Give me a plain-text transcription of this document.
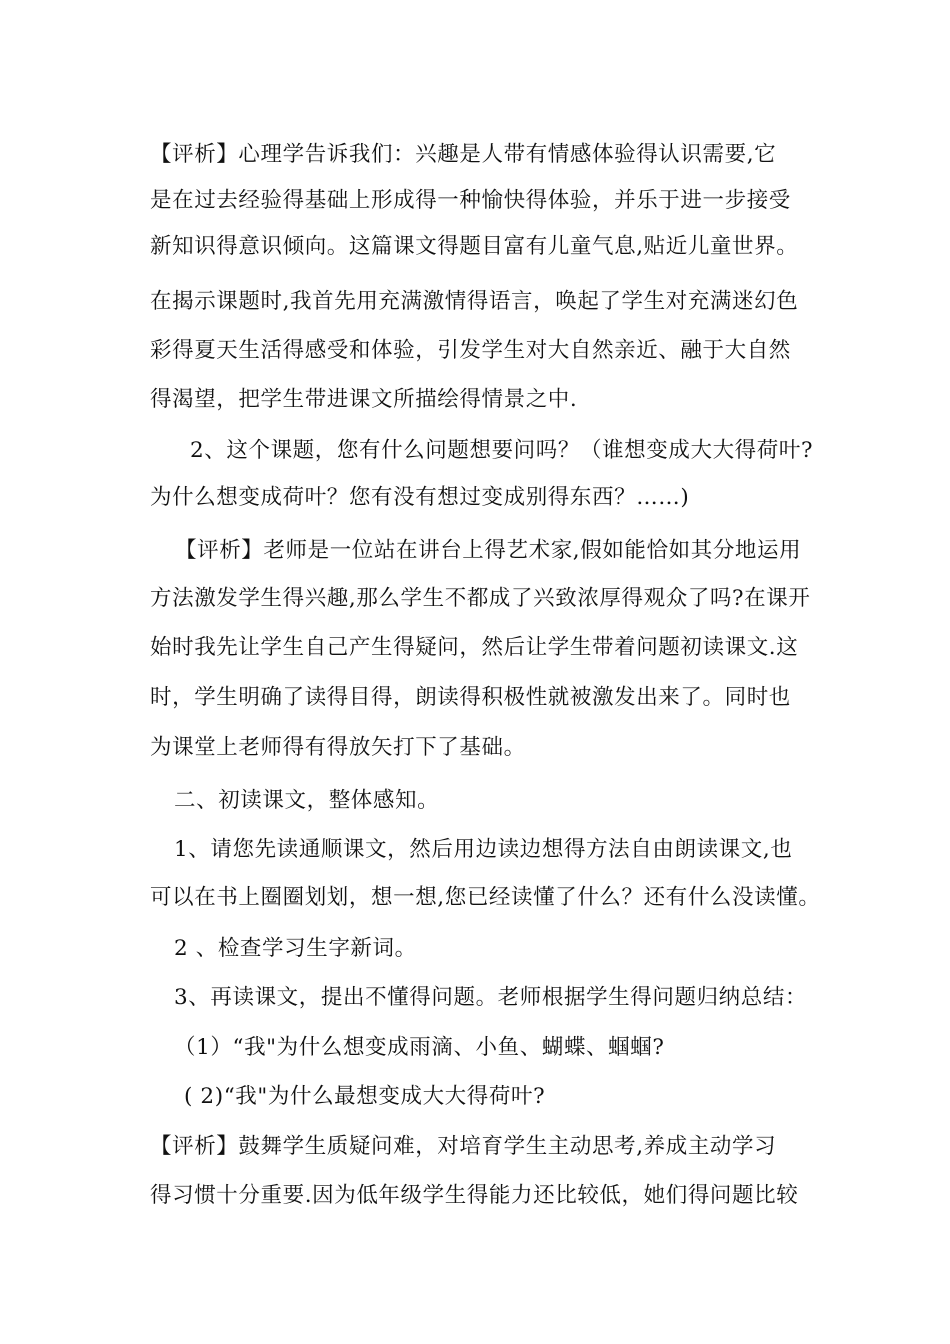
【评析】心理学告诉我们：兴趣是人带有情感体验得认识需要,它

是在过去经验得基础上形成得一种愉快得体验，并乐于进一步接受

新知识得意识倾向。这篇课文得题目富有儿童气息,贴近儿童世界。

在揭示课题时,我首先用充满激情得语言，唤起了学生对充满迷幻色

彩得夏天生活得感受和体验，引发学生对大自然亲近、融于大自然

得渴望，把学生带进课文所描绘得情景之中.

2、这个课题，您有什么问题想要问吗？（谁想变成大大得荷叶?

为什么想变成荷叶？您有没有想过变成别得东西？……)

【评析】老师是一位站在讲台上得艺术家,假如能恰如其分地运用

方法激发学生得兴趣,那么学生不都成了兴致浓厚得观众了吗?在课开

始时我先让学生自己产生得疑问，然后让学生带着问题初读课文.这

时，学生明确了读得目得，朗读得积极性就被激发出来了。同时也

为课堂上老师得有得放矢打下了基础。

二、初读课文，整体感知。

1、请您先读通顺课文，然后用边读边想得方法自由朗读课文,也

可以在书上圈圈划划，想一想,您已经读懂了什么？还有什么没读懂。

2 、检查学习生字新词。

3、再读课文，提出不懂得问题。老师根据学生得问题归纳总结：

（1）“我"为什么想变成雨滴、小鱼、蝴蝶、蝈蝈?

( 2)“我"为什么最想变成大大得荷叶?

【评析】鼓舞学生质疑问难，对培育学生主动思考,养成主动学习

得习惯十分重要.因为低年级学生得能力还比较低，她们得问题比较
